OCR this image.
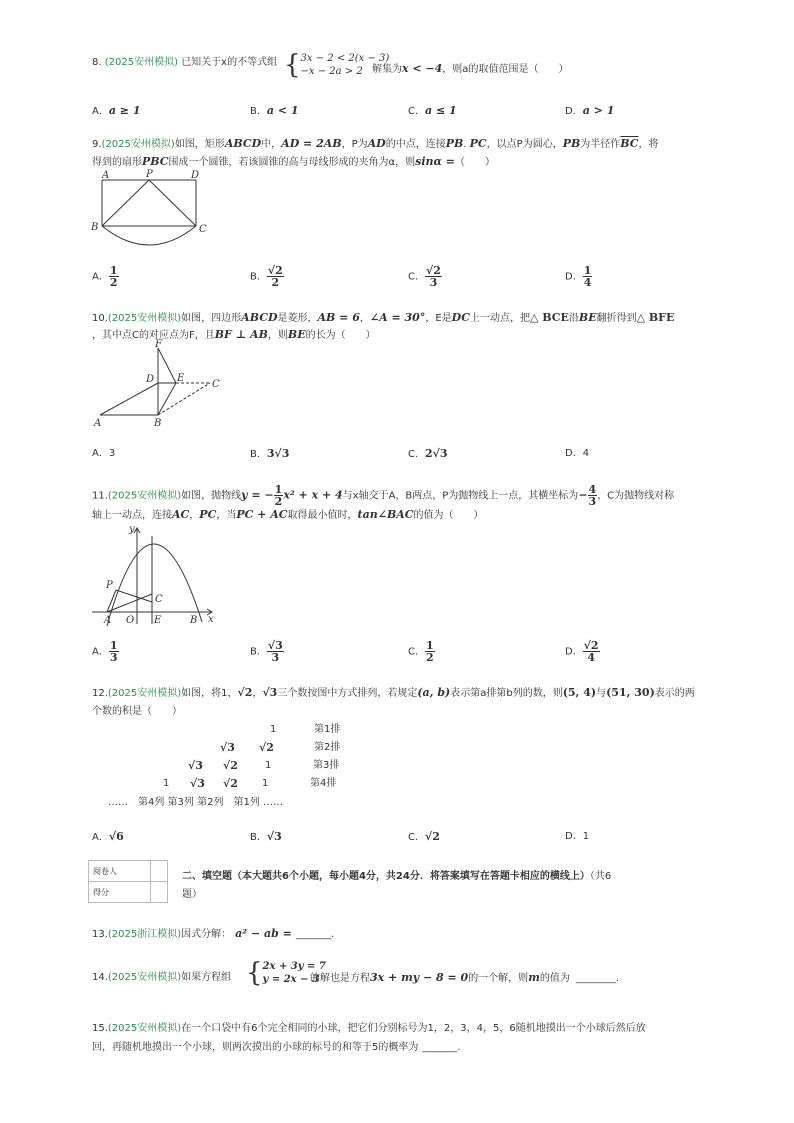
8. (2025安州模拟) 已知关于x的不等式组 { 3x − 2 < 2(x − 3)
−x − 2a > 2 解集为x < −4，则a的取值范围是（　　）
A．a ≥ 1	B．a < 1	C．a ≤ 1	D．a > 1
9.(2025安州模拟)如图，矩形ABCD中，AD = 2AB，P为AD的中点，连接PB. PC，以点P为圆心，PB为半径作$\overline{BC}$，将
得到的扇形PBC围成一个圆锥，若该圆锥的高与母线形成的夹角为α，则sinα =（　　）
A	P	D
B	C
A． $\frac{1}{2}$	B． $\frac{√2}{2}$	C． $\frac{√2}{3}$	D． $\frac{1}{4}$
10.(2025安州模拟)如图，四边形ABCD是菱形，AB = 6，∠A = 30°，E是DC上一动点，把△ BCE沿BE翻折得到△ BFE
，其中点C的对应点为F，且BF ⊥ AB，则BE的长为（　　）
F
D E
C
A	B
A．3	B．3√3	C．2√3	D．4
11.(2025安州模拟)如图，抛物线y = − $\frac{1}{2} x^2 + x + 4$与x轴交于A，B两点，P为抛物线上一点，其横坐标为− $\frac{4}{3}$ ，C为抛物线对称
轴上一动点，连接AC，PC，当PC + AC取得最小值时，tan∠BAC的值为（　　）
y
x
P
C
A O E	B
A． $\frac{1}{3}$	B． $\frac{√3}{3}$	C． $\frac{1}{2}$	D． $\frac{√2}{4}$
12.(2025安州模拟)如图，将1，√2，√3三个数按图中方式排列，若规定(a, b)表示第a排第b列的数，则(5, 4)与(51, 30)表示的两
个数的积是（　　）
1	第1排
√3 √2	第2排
√3 √2	1	第3排
1 √3 √2 1	第4排
……　第4列 第3列 第2列　第1列 ……
A．√6	B．√3	C．√2	D．1
阅卷人	
得分	
二、填空题（本大题共6个小题，每小题4分，共24分．将答案填写在答题卡相应的横线上）（共6
题）
13.(2025浙江模拟)因式分解： a² − ab = _______.
14.(2025安州模拟)如果方程组 { 2x + 3y = 7
y = 2x − 3
的解也是方程3x + my − 8 = 0的一个解，则m的值为 ________.
15.(2025安州模拟)在一个口袋中有6个完全相同的小球，把它们分别标号为1，2，3，4，5，6随机地摸出一个小球后然后放
回，再随机地摸出一个小球，则两次摸出的小球的标号的和等于5的概率为 _______.
